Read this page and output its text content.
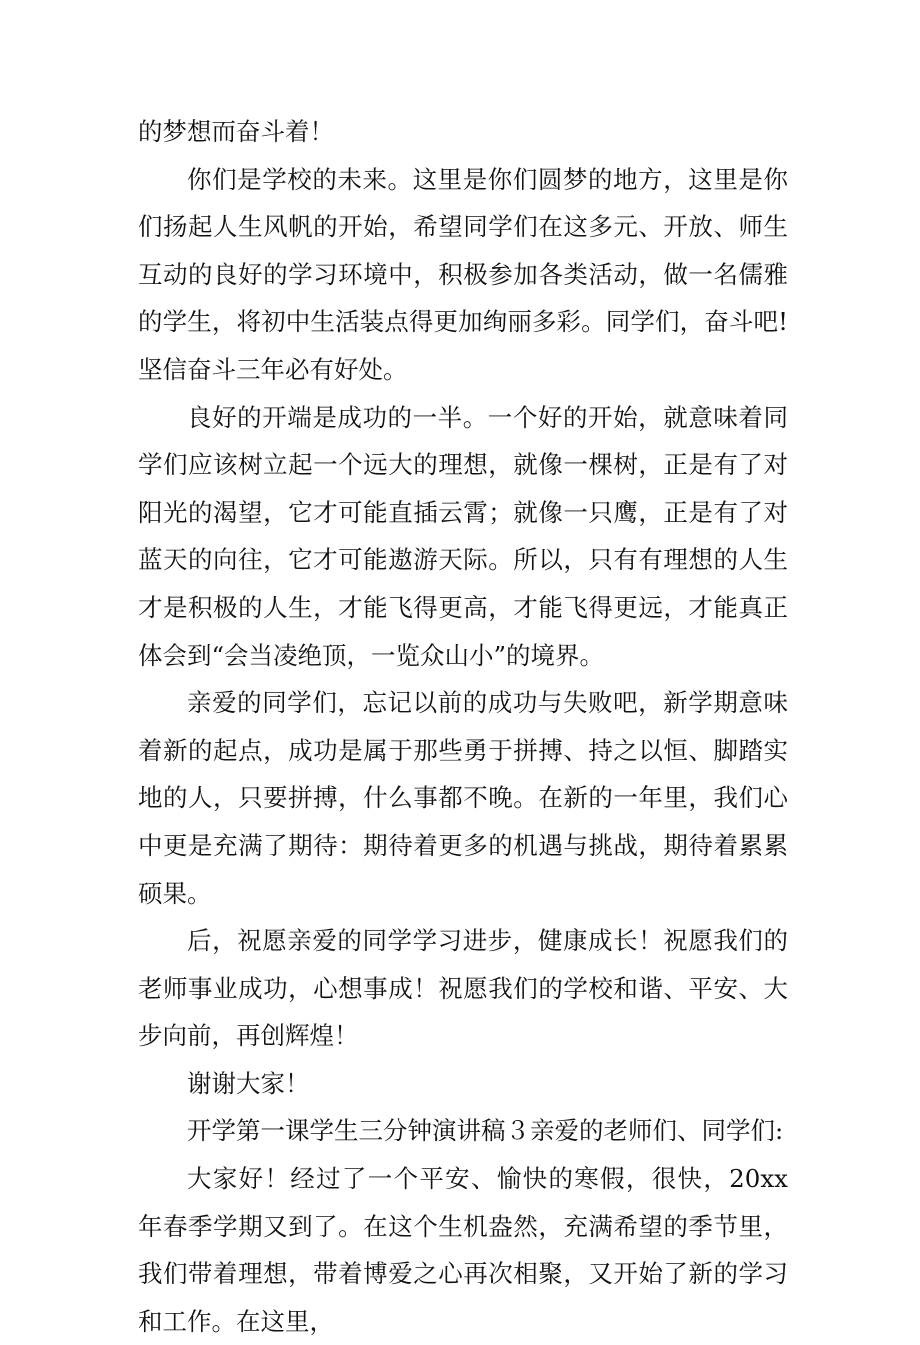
的梦想而奋斗着！

你们是学校的未来。这里是你们圆梦的地方，这里是你们扬起人生风帆的开始，希望同学们在这多元、开放、师生互动的良好的学习环境中，积极参加各类活动，做一名儒雅的学生，将初中生活装点得更加绚丽多彩。同学们，奋斗吧!坚信奋斗三年必有好处。

良好的开端是成功的一半。一个好的开始，就意味着同学们应该树立起一个远大的理想，就像一棵树，正是有了对阳光的渴望，它才可能直插云霄；就像一只鹰，正是有了对蓝天的向往，它才可能遨游天际。所以，只有有理想的人生才是积极的人生，才能飞得更高，才能飞得更远，才能真正体会到“会当凌绝顶，一览众山小”的境界。

亲爱的同学们，忘记以前的成功与失败吧，新学期意味着新的起点，成功是属于那些勇于拼搏、持之以恒、脚踏实地的人，只要拼搏，什么事都不晚。在新的一年里，我们心中更是充满了期待：期待着更多的机遇与挑战，期待着累累硕果。

后，祝愿亲爱的同学学习进步，健康成长！祝愿我们的老师事业成功，心想事成！祝愿我们的学校和谐、平安、大步向前，再创辉煌！

谢谢大家！

开学第一课学生三分钟演讲稿３亲爱的老师们、同学们:

大家好！经过了一个平安、愉快的寒假，很快，20xx 年春季学期又到了。在这个生机盎然，充满希望的季节里，我们带着理想，带着博爱之心再次相聚，又开始了新的学习和工作。在这里，
